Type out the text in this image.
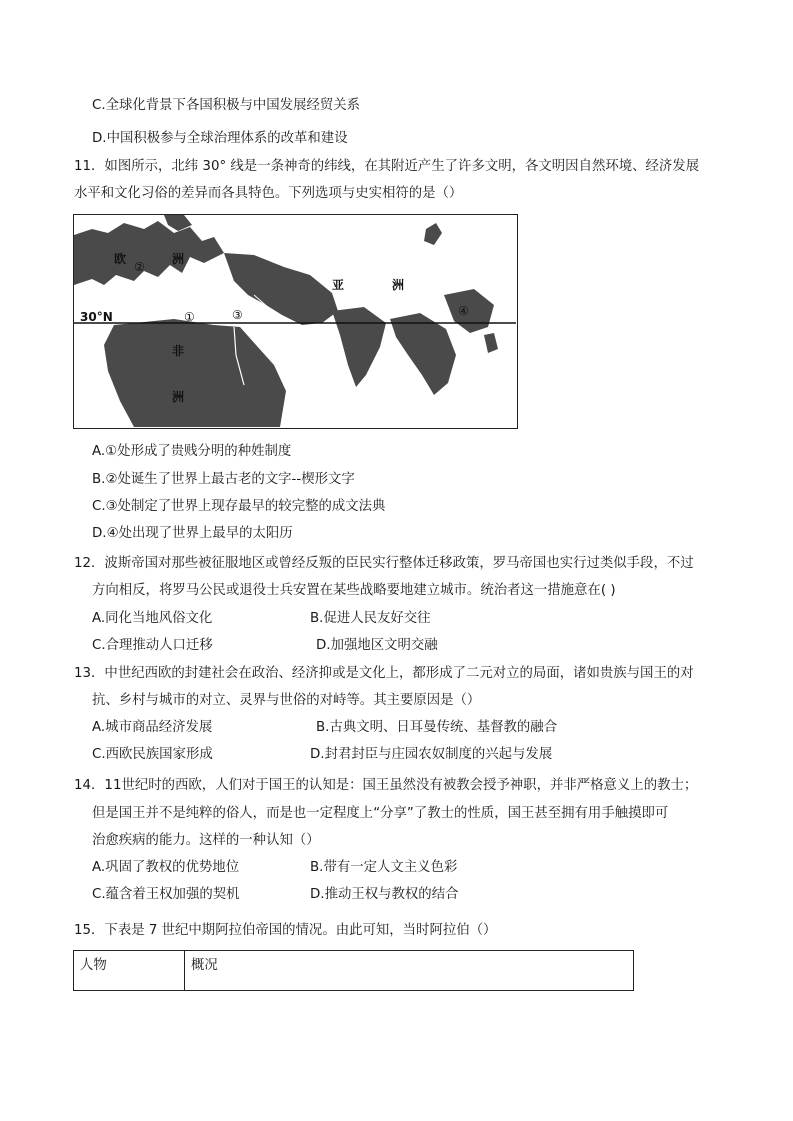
C.全球化背景下各国积极与中国发展经贸关系
D.中国积极参与全球治理体系的改革和建设
11．如图所示，北纬 30° 线是一条神奇的纬线，在其附近产生了许多文明，各文明因自然环境、经济发展
水平和文化习俗的差异而各具特色。下列选项与史实相符的是（）
欧	洲
亚	洲
非
洲
30°N
②
①	③	④
A.①处形成了贵贱分明的种姓制度
B.②处诞生了世界上最古老的文字--楔形文字
C.③处制定了世界上现存最早的较完整的成文法典
D.④处出现了世界上最早的太阳历
12．波斯帝国对那些被征服地区或曾经反叛的臣民实行整体迁移政策，罗马帝国也实行过类似手段，不过
方向相反，将罗马公民或退役士兵安置在某些战略要地建立城市。统治者这一措施意在( )
A.同化当地风俗文化	B.促进人民友好交往
C.合理推动人口迁移	D.加强地区文明交融
13．中世纪西欧的封建社会在政治、经济抑或是文化上，都形成了二元对立的局面，诸如贵族与国王的对
抗、乡村与城市的对立、灵界与世俗的对峙等。其主要原因是（）
A.城市商品经济发展	B.古典文明、日耳曼传统、基督教的融合
C.西欧民族国家形成	D.封君封臣与庄园农奴制度的兴起与发展
14．11世纪时的西欧，人们对于国王的认知是：国王虽然没有被教会授予神职，并非严格意义上的教士；
但是国王并不是纯粹的俗人，而是也一定程度上“分享”了教士的性质，国王甚至拥有用手触摸即可
治愈疾病的能力。这样的一种认知（）
A.巩固了教权的优势地位	B.带有一定人文主义色彩
C.蕴含着王权加强的契机	D.推动王权与教权的结合
15．下表是 7 世纪中期阿拉伯帝国的情况。由此可知，当时阿拉伯（）
人物	概况
